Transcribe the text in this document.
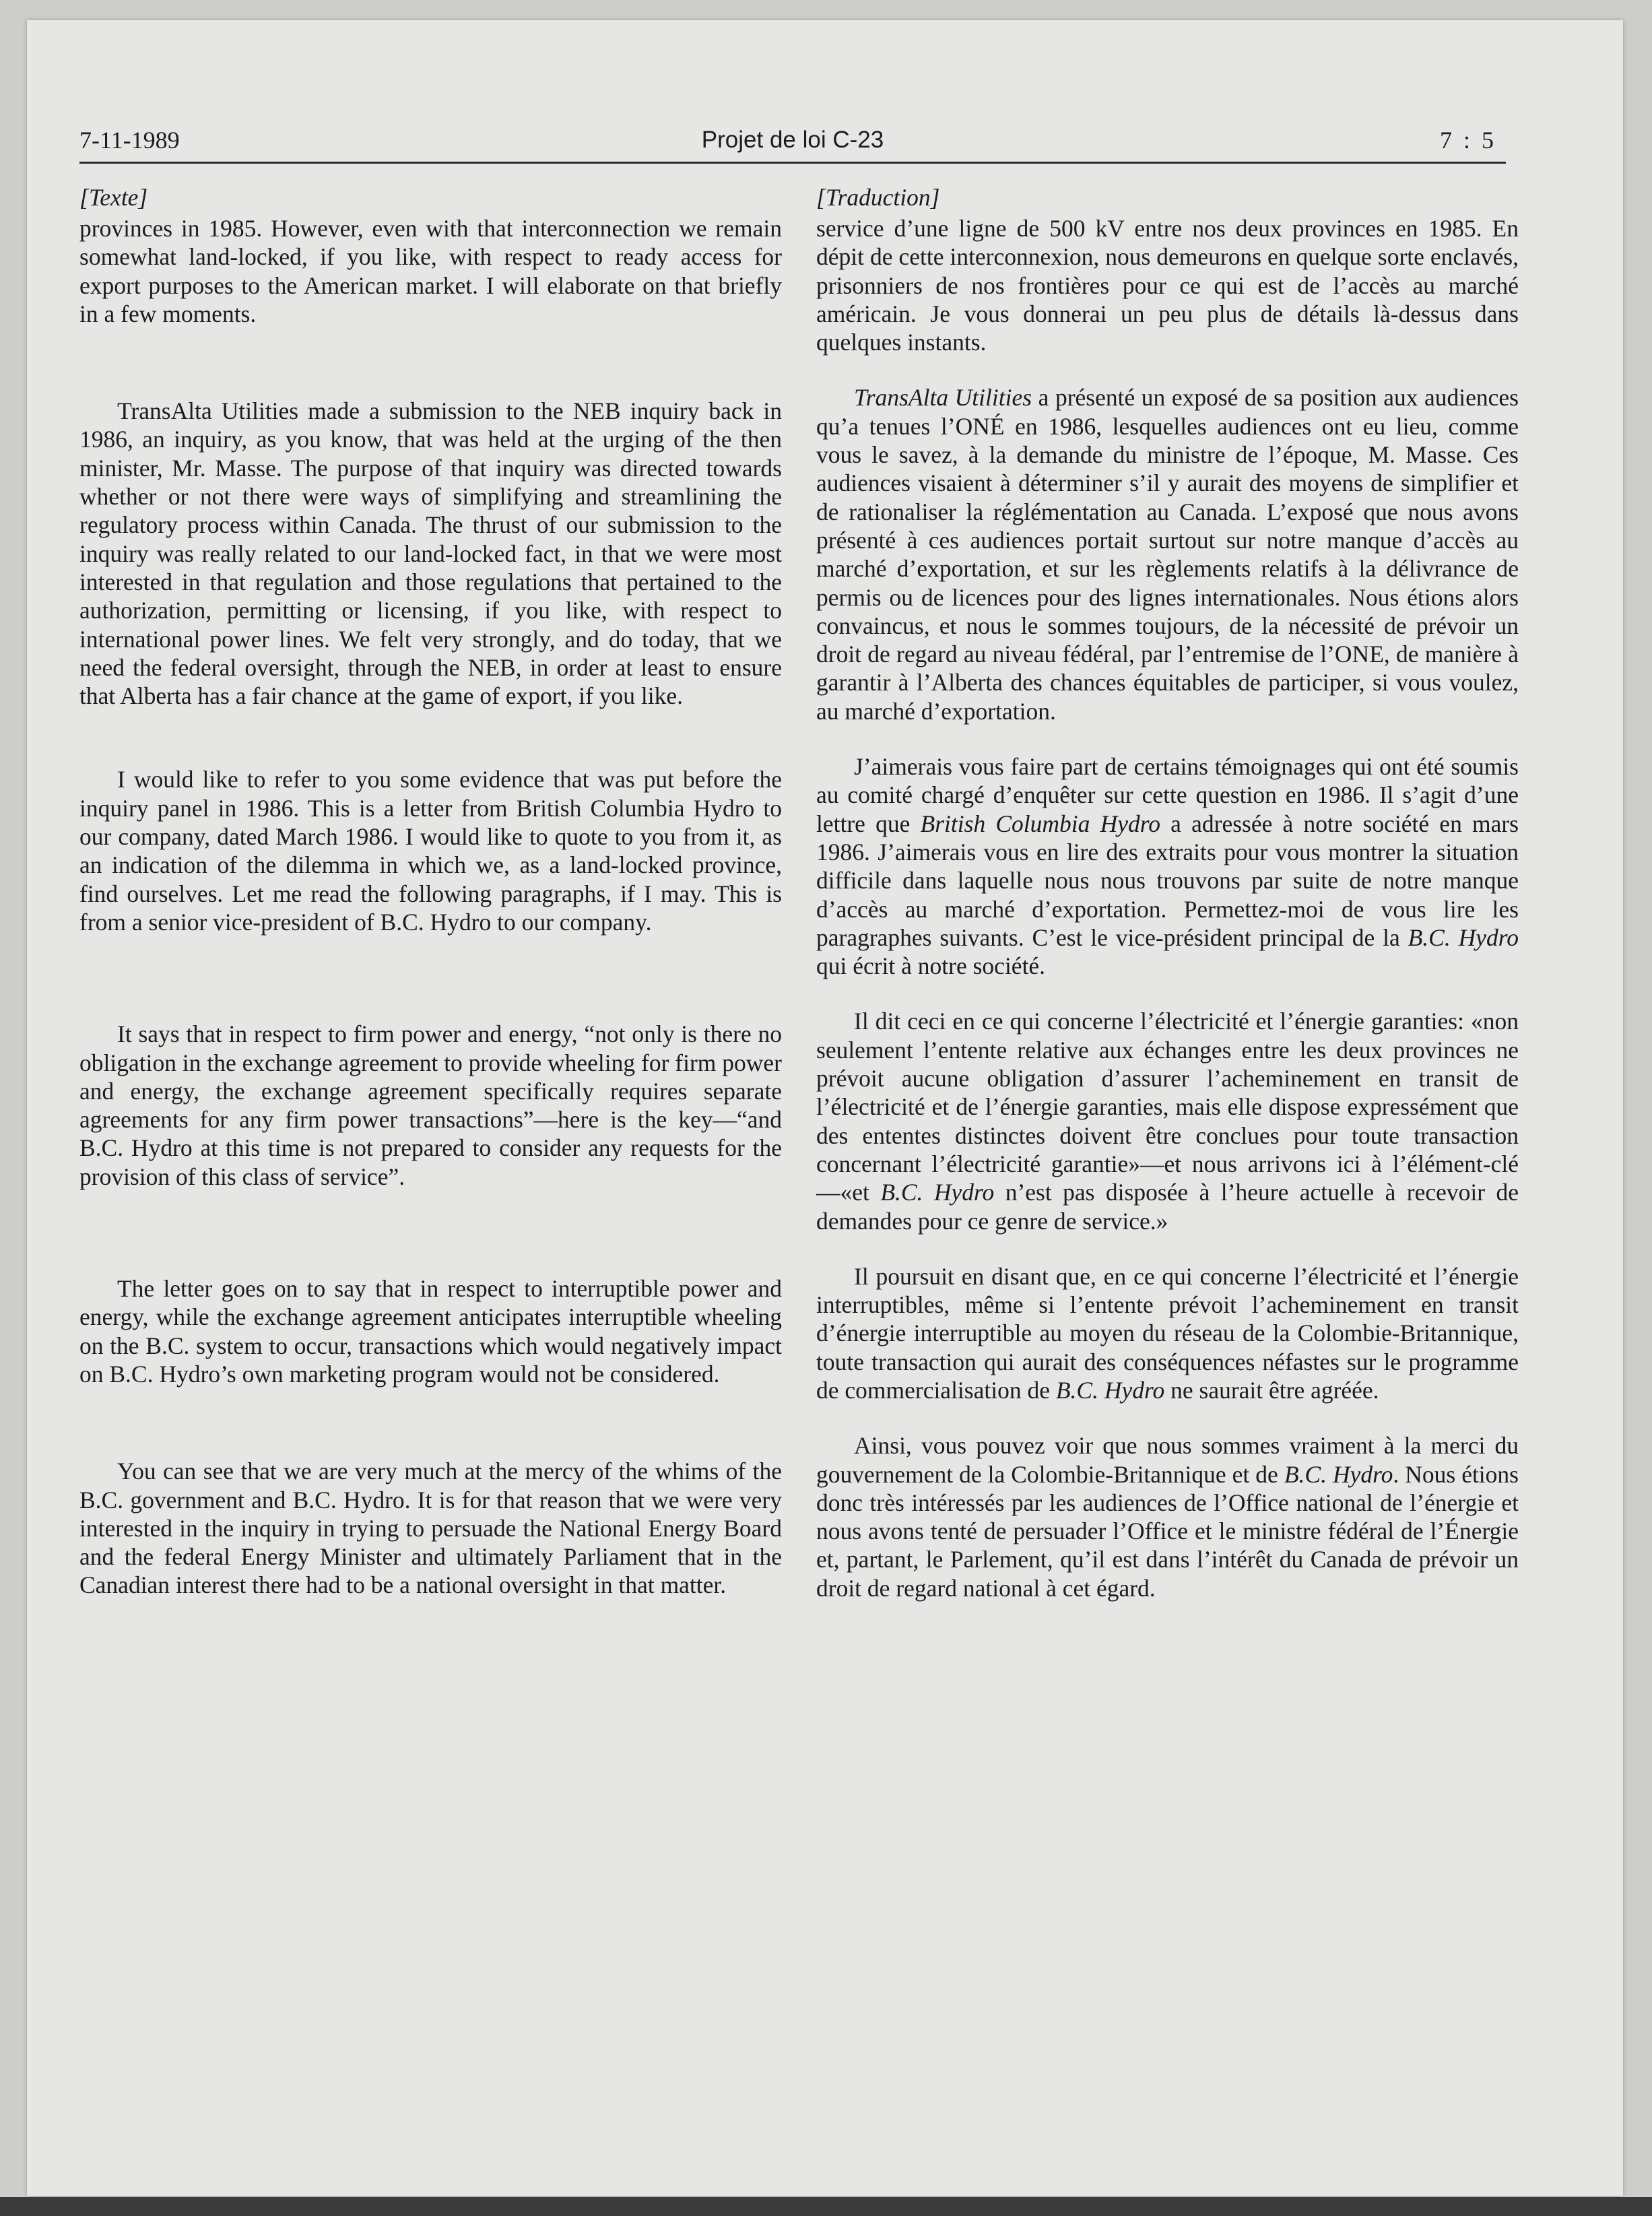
7-11-1989	Projet de loi C-23	7 : 5

[Texte]

provinces in 1985. However, even with that interconnection we remain somewhat land-locked, if you like, with respect to ready access for export purposes to the American market. I will elaborate on that briefly in a few moments.

TransAlta Utilities made a submission to the NEB inquiry back in 1986, an inquiry, as you know, that was held at the urging of the then minister, Mr. Masse. The purpose of that inquiry was directed towards whether or not there were ways of simplifying and streamlining the regulatory process within Canada. The thrust of our submission to the inquiry was really related to our land-locked fact, in that we were most interested in that regulation and those regulations that pertained to the authorization, permitting or licensing, if you like, with respect to international power lines. We felt very strongly, and do today, that we need the federal oversight, through the NEB, in order at least to ensure that Alberta has a fair chance at the game of export, if you like.

I would like to refer to you some evidence that was put before the inquiry panel in 1986. This is a letter from British Columbia Hydro to our company, dated March 1986. I would like to quote to you from it, as an indication of the dilemma in which we, as a land-locked province, find ourselves. Let me read the following paragraphs, if I may. This is from a senior vice-president of B.C. Hydro to our company.

It says that in respect to firm power and energy, “not only is there no obligation in the exchange agreement to provide wheeling for firm power and energy, the exchange agreement specifically requires separate agreements for any firm power transactions”—here is the key—“and B.C. Hydro at this time is not prepared to consider any requests for the provision of this class of service”.

The letter goes on to say that in respect to interruptible power and energy, while the exchange agreement anticipates interruptible wheeling on the B.C. system to occur, transactions which would negatively impact on B.C. Hydro’s own marketing program would not be considered.

You can see that we are very much at the mercy of the whims of the B.C. government and B.C. Hydro. It is for that reason that we were very interested in the inquiry in trying to persuade the National Energy Board and the federal Energy Minister and ultimately Parliament that in the Canadian interest there had to be a national oversight in that matter.

[Traduction]

service d’une ligne de 500 kV entre nos deux provinces en 1985. En dépit de cette interconnexion, nous demeurons en quelque sorte enclavés, prisonniers de nos frontières pour ce qui est de l’accès au marché américain. Je vous donnerai un peu plus de détails là-dessus dans quelques instants.

TransAlta Utilities a présenté un exposé de sa position aux audiences qu’a tenues l’ONÉ en 1986, lesquelles audiences ont eu lieu, comme vous le savez, à la demande du ministre de l’époque, M. Masse. Ces audiences visaient à déterminer s’il y aurait des moyens de simplifier et de rationaliser la réglémentation au Canada. L’exposé que nous avons présenté à ces audiences portait surtout sur notre manque d’accès au marché d’exportation, et sur les règlements relatifs à la délivrance de permis ou de licences pour des lignes internationales. Nous étions alors convaincus, et nous le sommes toujours, de la nécessité de prévoir un droit de regard au niveau fédéral, par l’entremise de l’ONE, de manière à garantir à l’Alberta des chances équitables de participer, si vous voulez, au marché d’exportation.

J’aimerais vous faire part de certains témoignages qui ont été soumis au comité chargé d’enquêter sur cette question en 1986. Il s’agit d’une lettre que British Columbia Hydro a adressée à notre société en mars 1986. J’aimerais vous en lire des extraits pour vous montrer la situation difficile dans laquelle nous nous trouvons par suite de notre manque d’accès au marché d’exportation. Permettez-moi de vous lire les paragraphes suivants. C’est le vice-président principal de la B.C. Hydro qui écrit à notre société.

Il dit ceci en ce qui concerne l’électricité et l’énergie garanties: «non seulement l’entente relative aux échanges entre les deux provinces ne prévoit aucune obligation d’assurer l’acheminement en transit de l’électricité et de l’énergie garanties, mais elle dispose expressément que des ententes distinctes doivent être conclues pour toute transaction concernant l’électricité garantie»—et nous arrivons ici à l’élément-clé—«et B.C. Hydro n’est pas disposée à l’heure actuelle à recevoir de demandes pour ce genre de service.»

Il poursuit en disant que, en ce qui concerne l’électricité et l’énergie interruptibles, même si l’entente prévoit l’acheminement en transit d’énergie interruptible au moyen du réseau de la Colombie-Britannique, toute transaction qui aurait des conséquences néfastes sur le programme de commercialisation de B.C. Hydro ne saurait être agréée.

Ainsi, vous pouvez voir que nous sommes vraiment à la merci du gouvernement de la Colombie-Britannique et de B.C. Hydro. Nous étions donc très intéressés par les audiences de l’Office national de l’énergie et nous avons tenté de persuader l’Office et le ministre fédéral de l’Énergie et, partant, le Parlement, qu’il est dans l’intérêt du Canada de prévoir un droit de regard national à cet égard.
